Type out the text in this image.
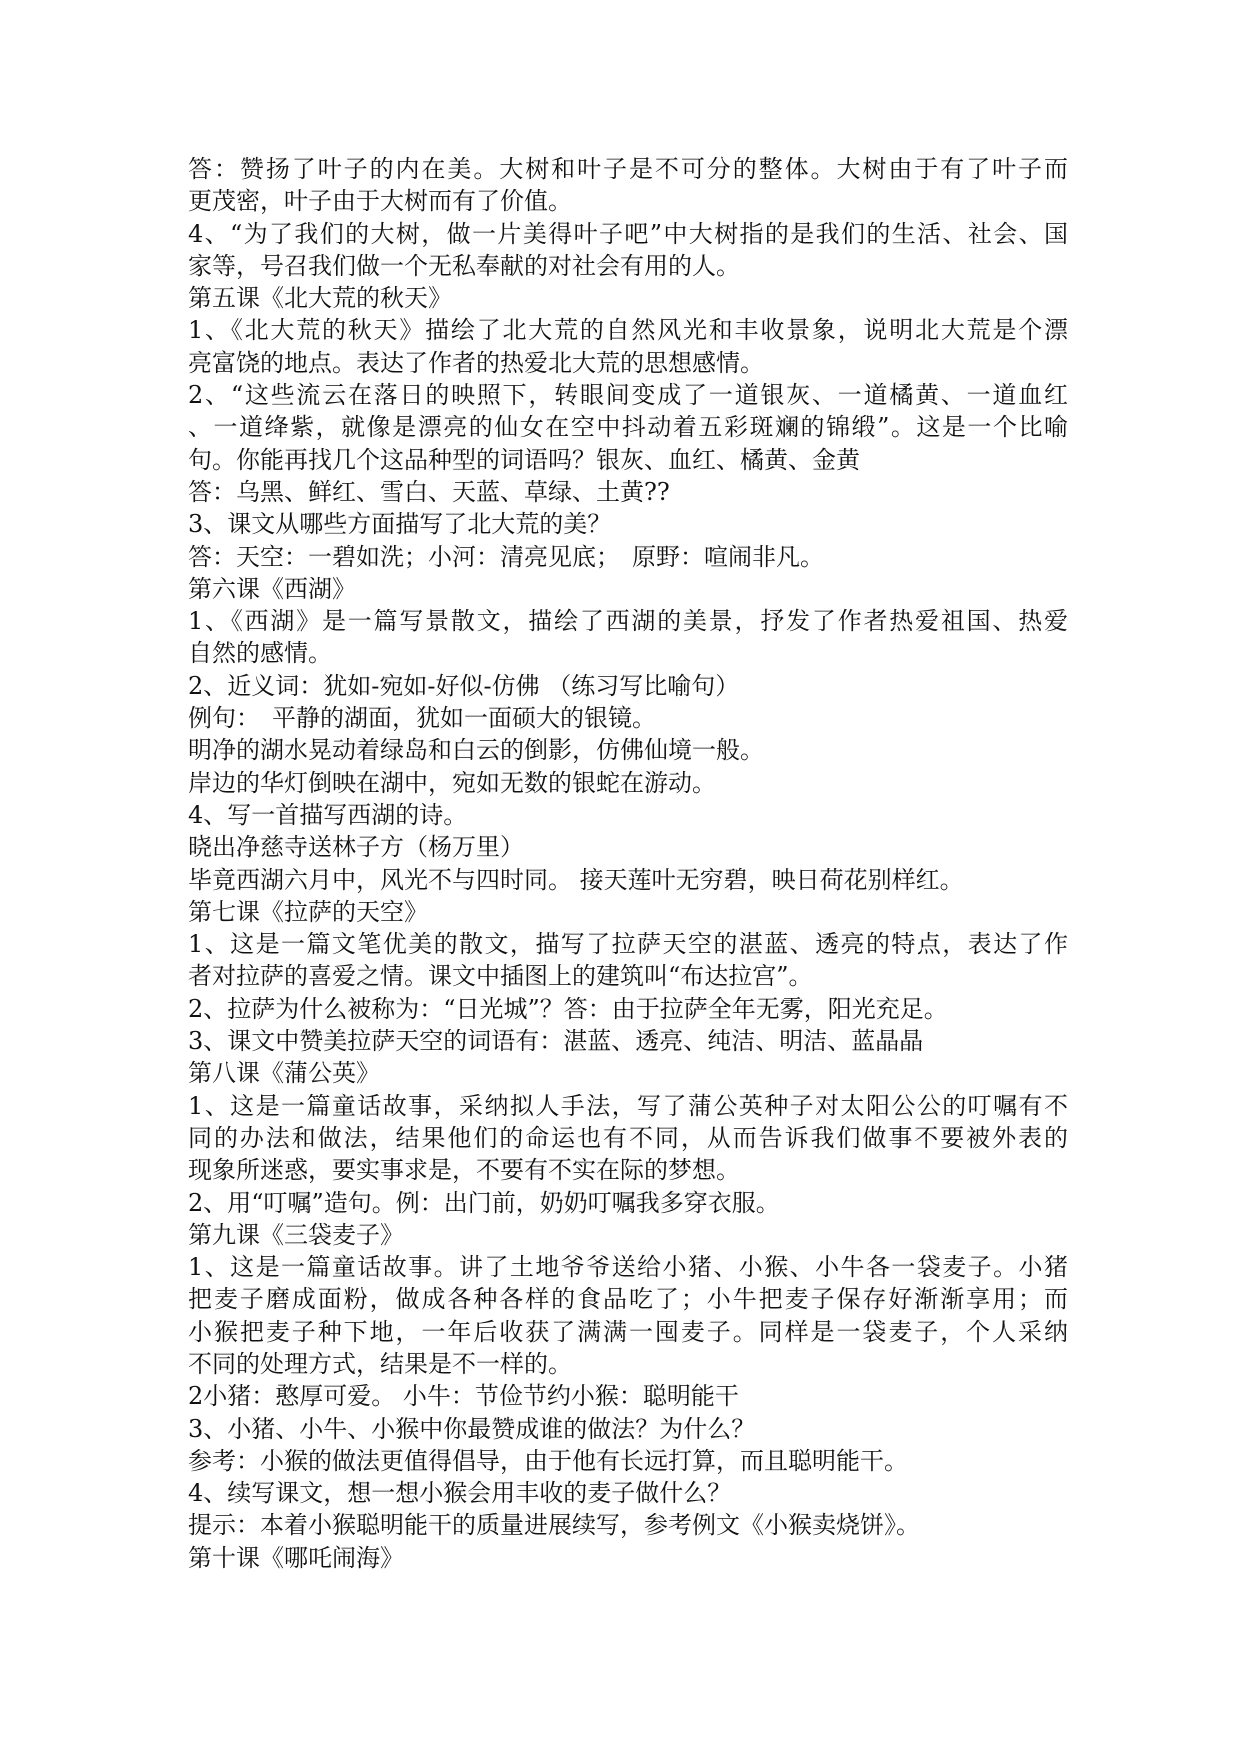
答：赞扬了叶子的内在美。大树和叶子是不可分的整体。大树由于有了叶子而
更茂密，叶子由于大树而有了价值。
4、“为了我们的大树，做一片美得叶子吧”中大树指的是我们的生活、社会、国
家等，号召我们做一个无私奉献的对社会有用的人。
第五课《北大荒的秋天》
1、《北大荒的秋天》描绘了北大荒的自然风光和丰收景象，说明北大荒是个漂
亮富饶的地点。表达了作者的热爱北大荒的思想感情。
2、“这些流云在落日的映照下，转眼间变成了一道银灰、一道橘黄、一道血红
、一道绛紫，就像是漂亮的仙女在空中抖动着五彩斑斓的锦缎”。这是一个比喻
句。你能再找几个这品种型的词语吗？银灰、血红、橘黄、金黄
答：乌黑、鲜红、雪白、天蓝、草绿、土黄??
3、课文从哪些方面描写了北大荒的美？
答：天空：一碧如洗；小河：清亮见底；　原野：喧闹非凡。
第六课《西湖》
1、《西湖》是一篇写景散文，描绘了西湖的美景，抒发了作者热爱祖国、热爱
自然的感情。
2、近义词：犹如-宛如-好似-仿佛 （练习写比喻句）
例句：　平静的湖面，犹如一面硕大的银镜。
明净的湖水晃动着绿岛和白云的倒影，仿佛仙境一般。
岸边的华灯倒映在湖中，宛如无数的银蛇在游动。
4、写一首描写西湖的诗。
晓出净慈寺送林子方（杨万里）
毕竟西湖六月中，风光不与四时同。 接天莲叶无穷碧，映日荷花别样红。
第七课《拉萨的天空》
1、这是一篇文笔优美的散文，描写了拉萨天空的湛蓝、透亮的特点，表达了作
者对拉萨的喜爱之情。课文中插图上的建筑叫“布达拉宫”。
2、拉萨为什么被称为：“日光城”？答：由于拉萨全年无雾，阳光充足。
3、课文中赞美拉萨天空的词语有：湛蓝、透亮、纯洁、明洁、蓝晶晶
第八课《蒲公英》
1、这是一篇童话故事，采纳拟人手法，写了蒲公英种子对太阳公公的叮嘱有不
同的办法和做法，结果他们的命运也有不同，从而告诉我们做事不要被外表的
现象所迷惑，要实事求是，不要有不实在际的梦想。
2、用“叮嘱”造句。例：出门前，奶奶叮嘱我多穿衣服。
第九课《三袋麦子》
1、这是一篇童话故事。讲了土地爷爷送给小猪、小猴、小牛各一袋麦子。小猪
把麦子磨成面粉，做成各种各样的食品吃了；小牛把麦子保存好渐渐享用；而
小猴把麦子种下地，一年后收获了满满一囤麦子。同样是一袋麦子，个人采纳
不同的处理方式，结果是不一样的。
2小猪：憨厚可爱。 小牛：节俭节约小猴：聪明能干
3、小猪、小牛、小猴中你最赞成谁的做法？为什么？
参考：小猴的做法更值得倡导，由于他有长远打算，而且聪明能干。
4、续写课文，想一想小猴会用丰收的麦子做什么？
提示：本着小猴聪明能干的质量进展续写，参考例文《小猴卖烧饼》。
第十课《哪吒闹海》
